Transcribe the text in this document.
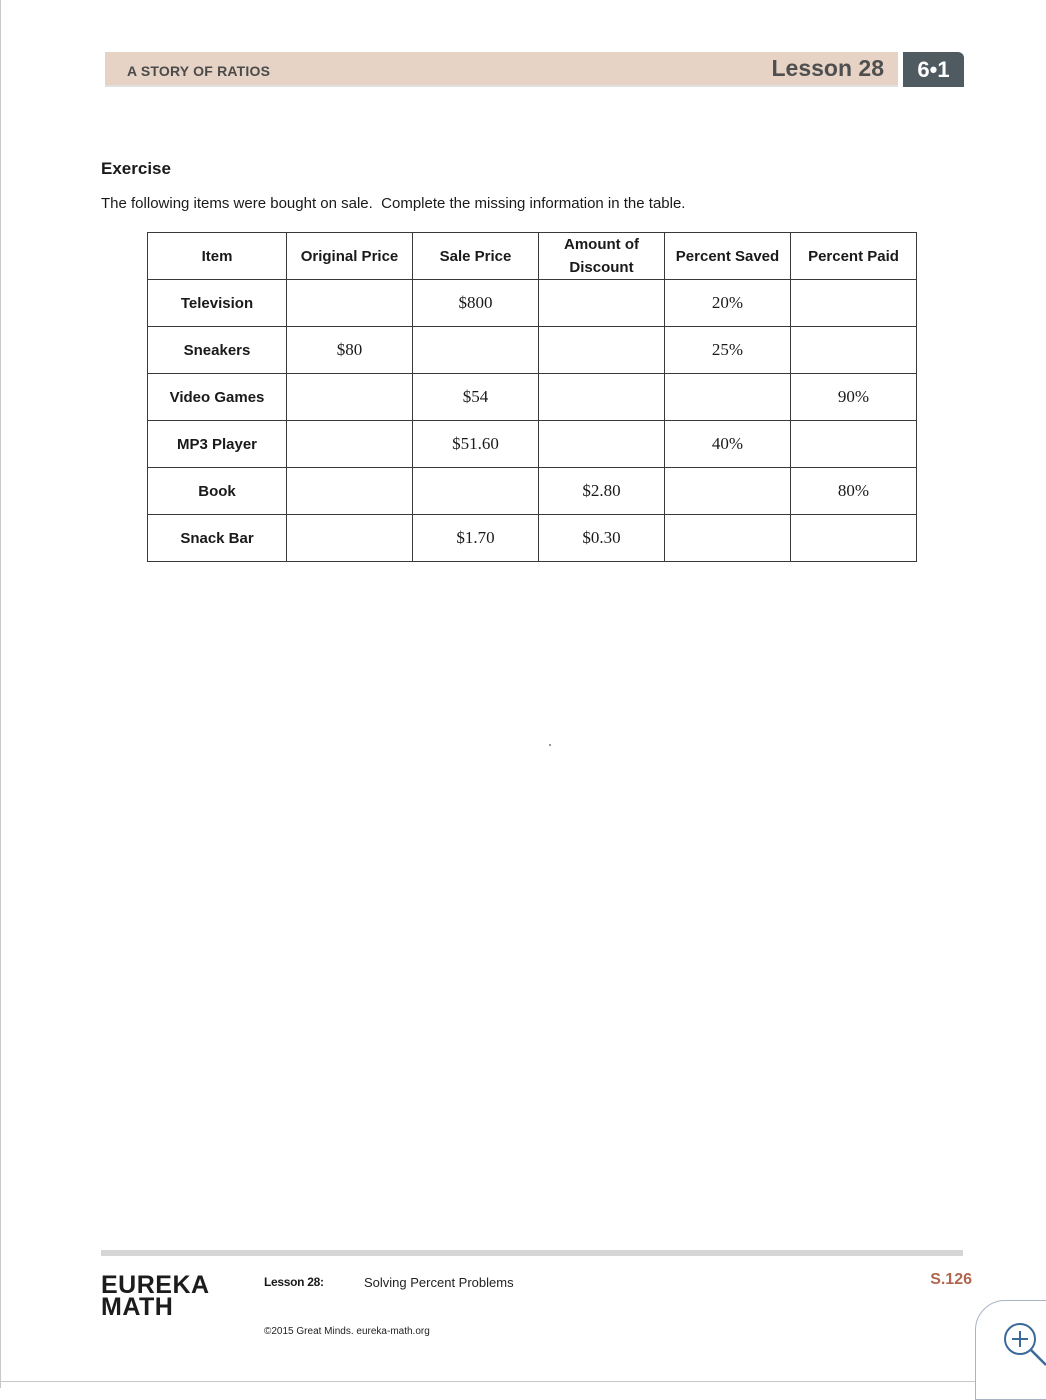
A STORY OF RATIOS	Lesson 28	6•1
Exercise
The following items were bought on sale.  Complete the missing information in the table.
Item	Original Price	Sale Price	Amount of Discount	Percent Saved	Percent Paid
Television		$800		20%	
Sneakers	$80			25%	
Video Games		$54			90%
MP3 Player		$51.60		40%	
Book			$2.80		80%
Snack Bar		$1.70	$0.30		
EUREKA
MATH
Lesson 28:	Solving Percent Problems
©2015 Great Minds. eureka-math.org
S.126
